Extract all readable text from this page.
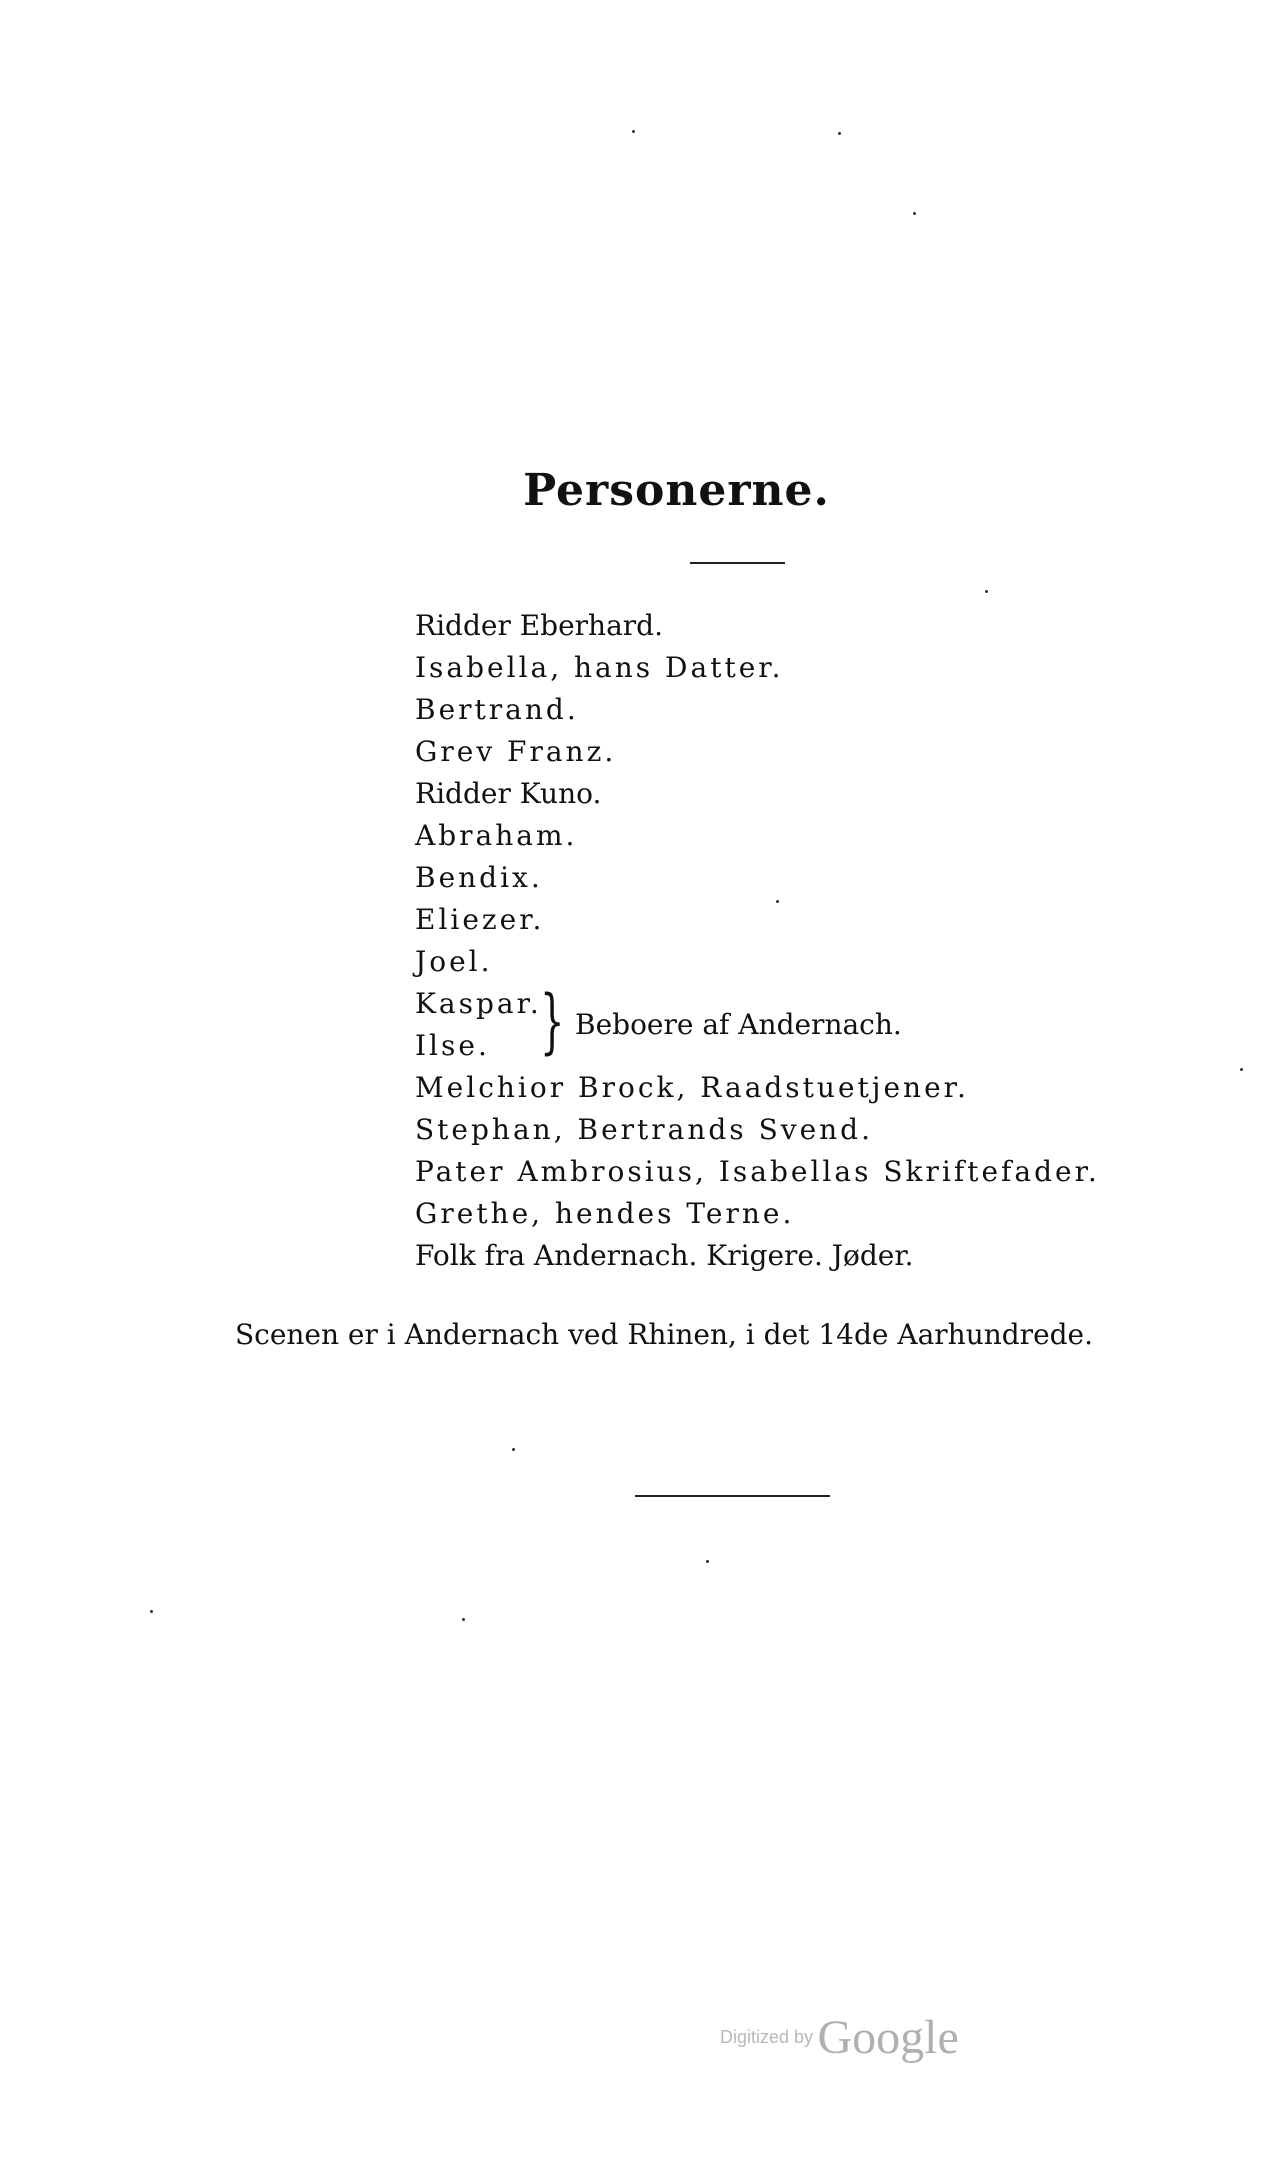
Personerne.
Ridder Eberhard.
Isabella, hans Datter.
Bertrand.
Grev Franz.
Ridder Kuno.
Abraham.
Bendix.
Eliezer.
Joel.
Kaspar.
Ilse. } Beboere af Andernach.
Melchior Brock, Raadstuetjener.
Stephan, Bertrands Svend.
Pater Ambrosius, Isabellas Skriftefader.
Grethe, hendes Terne.
Folk fra Andernach. Krigere. Jøder.
Scenen er i Andernach ved Rhinen, i det 14de Aarhundrede.
Digitized by Google
